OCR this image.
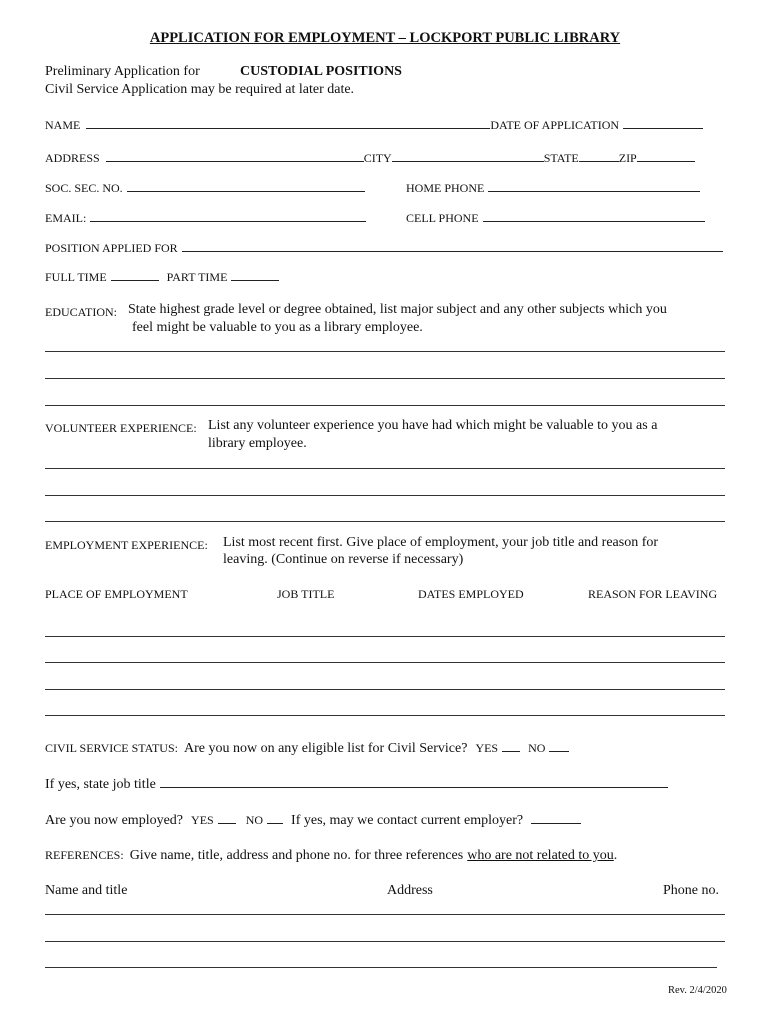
APPLICATION FOR EMPLOYMENT – LOCKPORT PUBLIC LIBRARY
Preliminary Application for	CUSTODIAL POSITIONS
Civil Service Application may be required at later date.
NAME	DATE OF APPLICATION
ADDRESS	CITY	STATE	ZIP
SOC. SEC. NO.	HOME PHONE
EMAIL:	CELL PHONE
POSITION APPLIED FOR
FULL TIME	PART TIME
EDUCATION: State highest grade level or degree obtained, list major subject and any other subjects which you
feel might be valuable to you as a library employee.
VOLUNTEER EXPERIENCE: List any volunteer experience you have had which might be valuable to you as a
library employee.
EMPLOYMENT EXPERIENCE: List most recent first. Give place of employment, your job title and reason for
leaving. (Continue on reverse if necessary)
PLACE OF EMPLOYMENT	JOB TITLE	DATES EMPLOYED	REASON FOR LEAVING
CIVIL SERVICE STATUS: Are you now on any eligible list for Civil Service? YES	NO
If yes, state job title
Are you now employed? YES	NO If yes, may we contact current employer?
REFERENCES: Give name, title, address and phone no. for three references who are not related to you .
Name and title	Address	Phone no.
Rev. 2/4/2020
